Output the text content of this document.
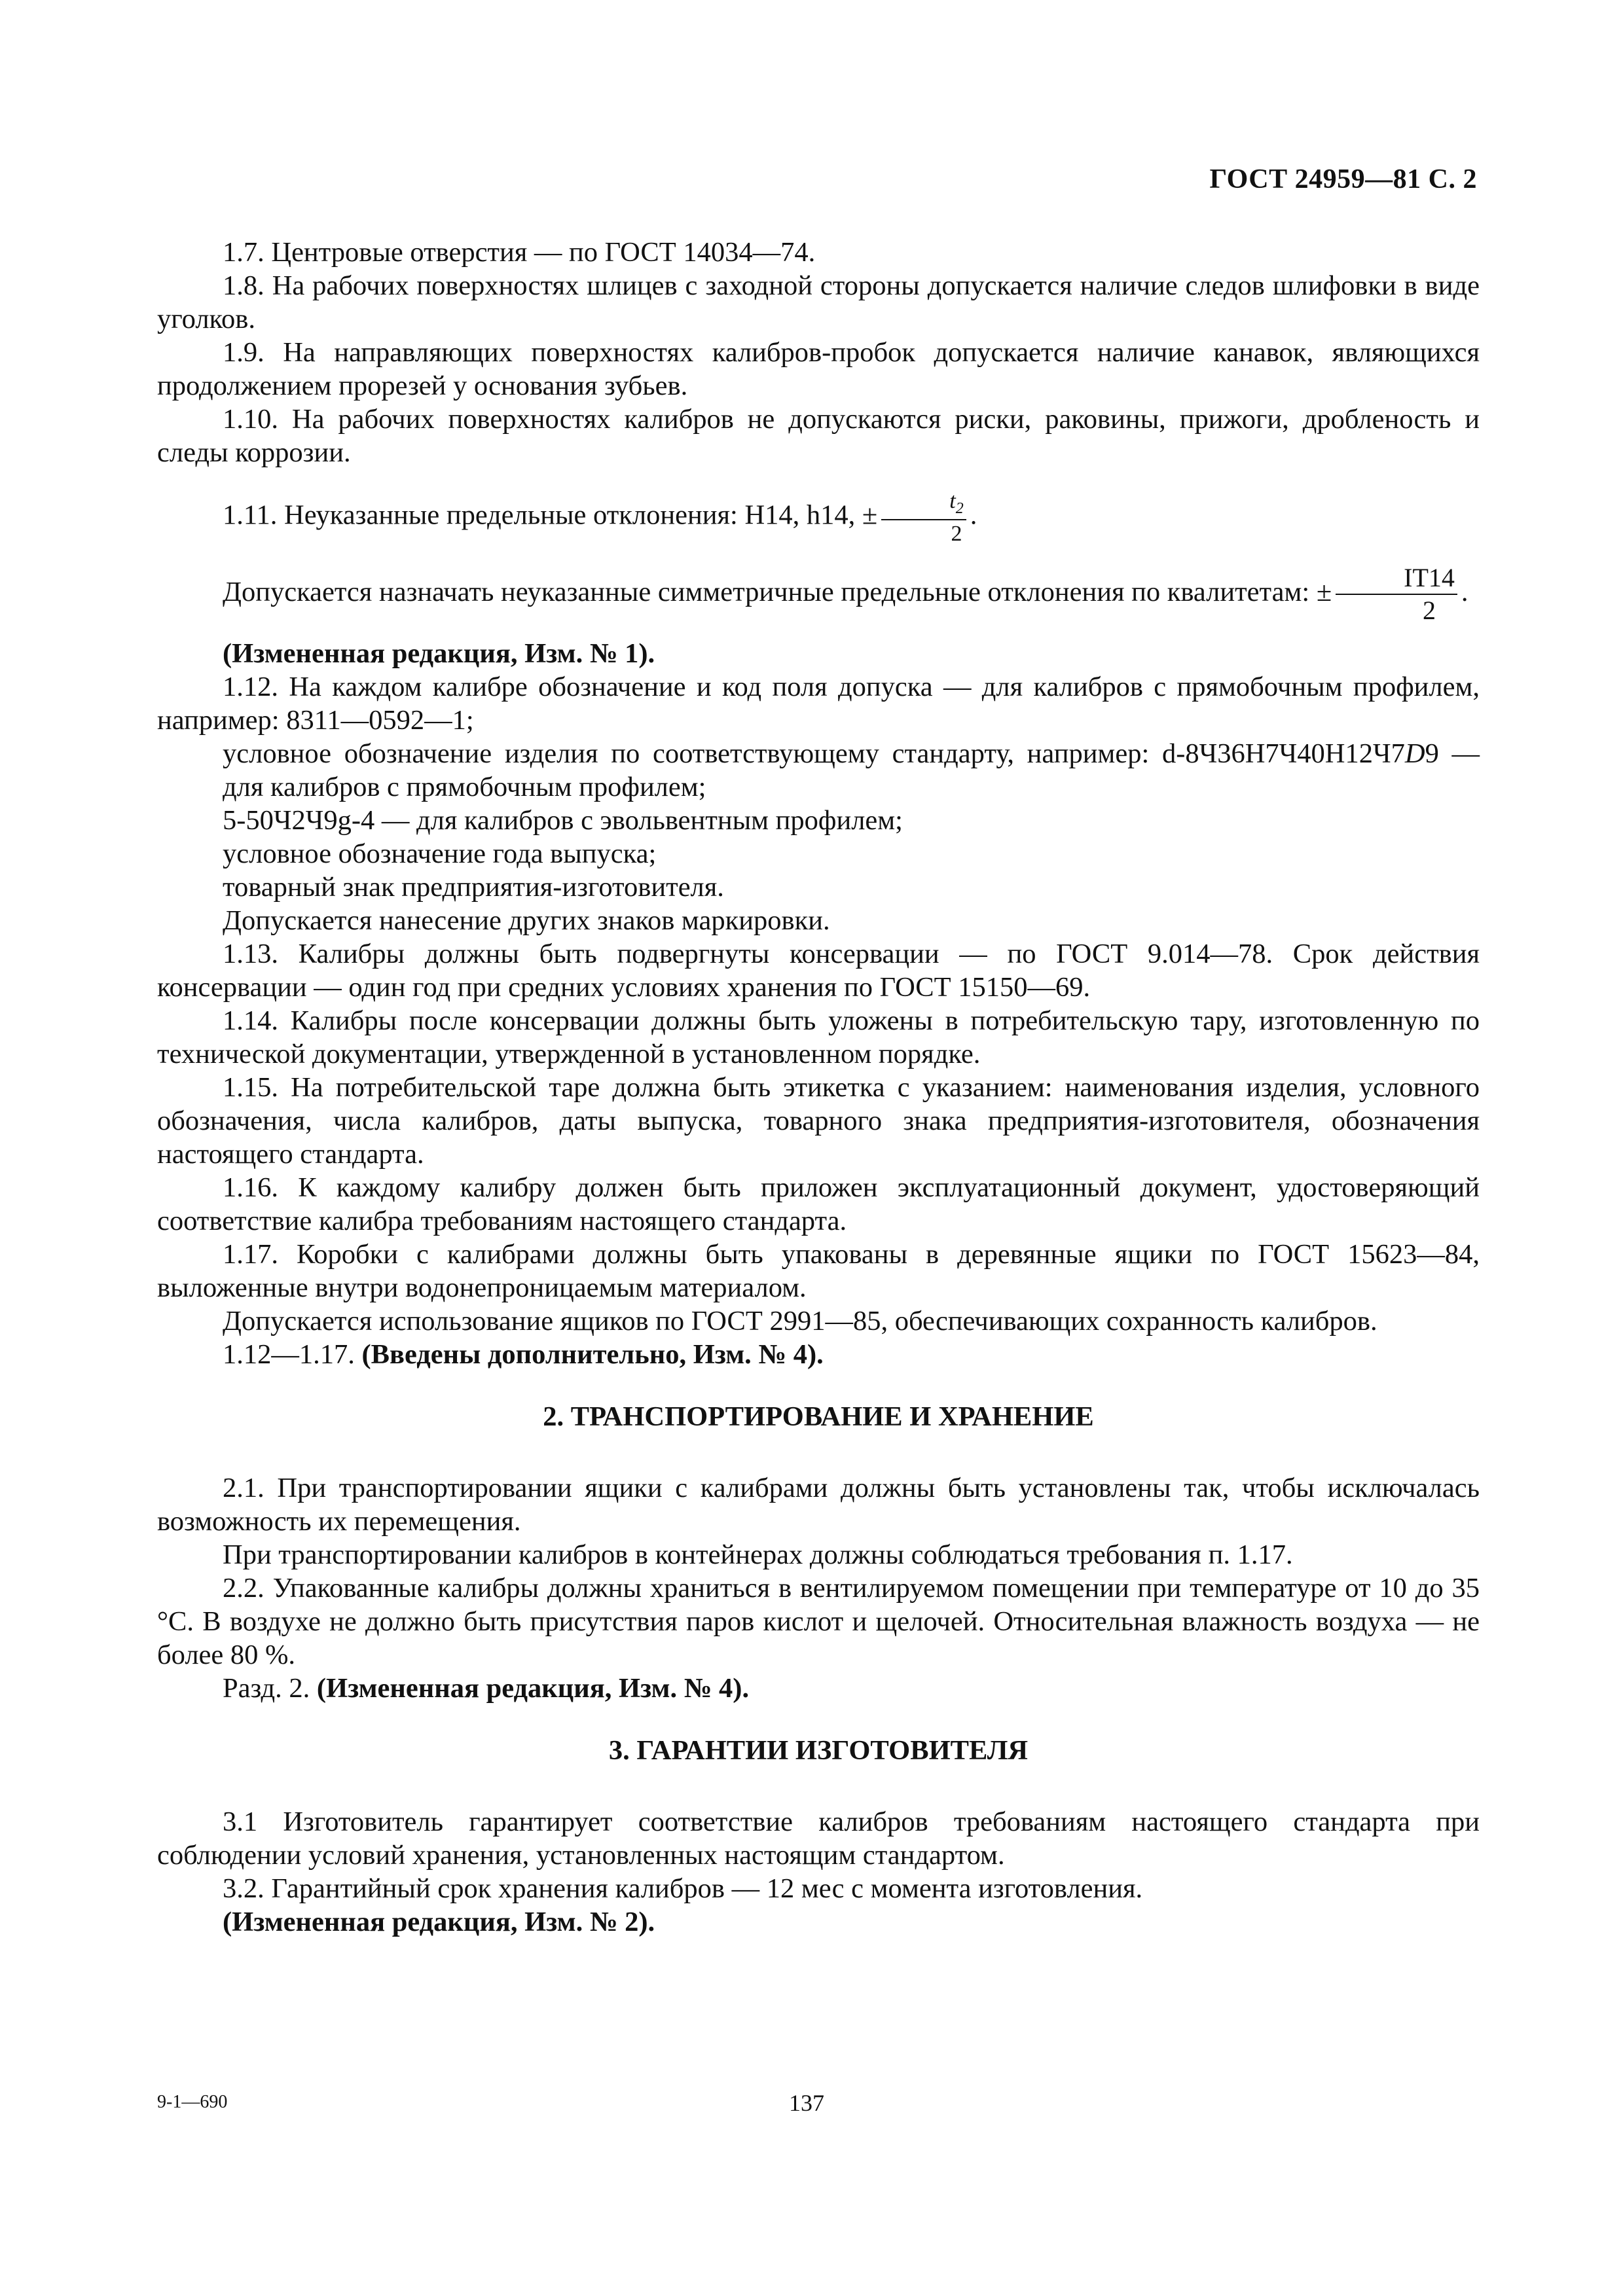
ГОСТ 24959—81 С. 2

1.7. Центровые отверстия — по ГОСТ 14034—74.

1.8. На рабочих поверхностях шлицев с заходной стороны допускается наличие следов шлифовки в виде уголков.

1.9. На направляющих поверхностях калибров-пробок допускается наличие канавок, являющихся продолжением прорезей у основания зубьев.

1.10. На рабочих поверхностях калибров не допускаются риски, раковины, прижоги, дробленость и следы коррозии.

1.11. Неуказанные предельные отклонения: H14, h14, ± $\frac{t_2}{2}$ .

Допускается назначать неуказанные симметричные предельные отклонения по квалитетам: ± $\frac{IT14}{2}$ .

(Измененная редакция, Изм. № 1).

1.12. На каждом калибре обозначение и код поля допуска — для калибров с прямобочным профилем, например: 8311—0592—1;

условное обозначение изделия по соответствующему стандарту, например: d-8Ч36H7Ч40H12Ч7D9 — для калибров с прямобочным профилем;

5-50Ч2Ч9g-4 — для калибров с эвольвентным профилем;

условное обозначение года выпуска;

товарный знак предприятия-изготовителя.

Допускается нанесение других знаков маркировки.

1.13. Калибры должны быть подвергнуты консервации — по ГОСТ 9.014—78. Срок действия консервации — один год при средних условиях хранения по ГОСТ 15150—69.

1.14. Калибры после консервации должны быть уложены в потребительскую тару, изготовленную по технической документации, утвержденной в установленном порядке.

1.15. На потребительской таре должна быть этикетка с указанием: наименования изделия, условного обозначения, числа калибров, даты выпуска, товарного знака предприятия-изготовителя, обозначения настоящего стандарта.

1.16. К каждому калибру должен быть приложен эксплуатационный документ, удостоверяющий соответствие калибра требованиям настоящего стандарта.

1.17. Коробки с калибрами должны быть упакованы в деревянные ящики по ГОСТ 15623—84, выложенные внутри водонепроницаемым материалом.

Допускается использование ящиков по ГОСТ 2991—85, обеспечивающих сохранность калибров.

1.12—1.17. (Введены дополнительно, Изм. № 4).

2. ТРАНСПОРТИРОВАНИЕ И ХРАНЕНИЕ

2.1. При транспортировании ящики с калибрами должны быть установлены так, чтобы исключалась возможность их перемещения.

При транспортировании калибров в контейнерах должны соблюдаться требования п. 1.17.

2.2. Упакованные калибры должны храниться в вентилируемом помещении при температуре от 10 до 35 °С. В воздухе не должно быть присутствия паров кислот и щелочей. Относительная влажность воздуха — не более 80 %.

Разд. 2. (Измененная редакция, Изм. № 4).

3. ГАРАНТИИ ИЗГОТОВИТЕЛЯ

3.1 Изготовитель гарантирует соответствие калибров требованиям настоящего стандарта при соблюдении условий хранения, установленных настоящим стандартом.

3.2. Гарантийный срок хранения калибров — 12 мес с момента изготовления.

(Измененная редакция, Изм. № 2).

9-1—690	137
